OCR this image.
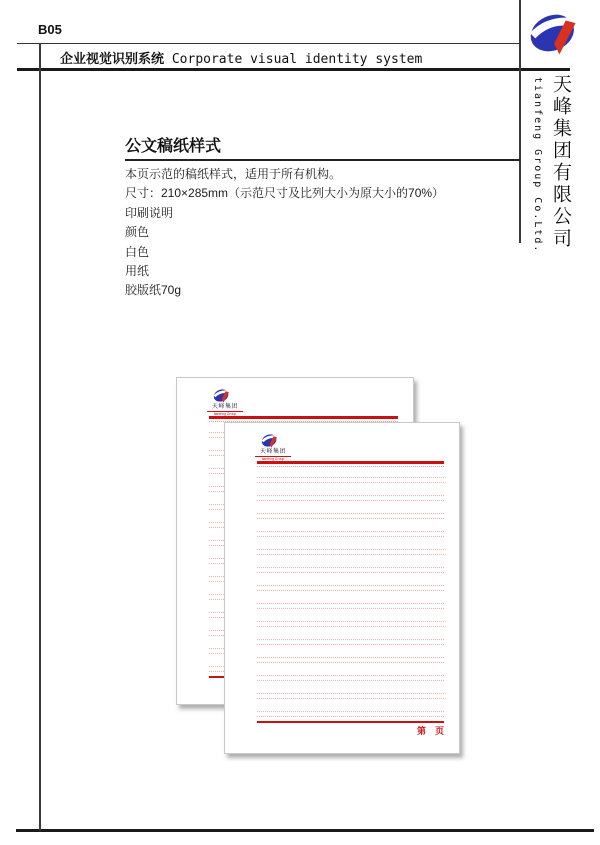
B05
企业视觉识别系统 Corporate visual identity system
天峰集团有限公司
tianfeng Group Co.Ltd.
公文稿纸样式
本页示范的稿纸样式，适用于所有机构。
尺寸：210×285mm（示范尺寸及比列大小为原大小的70%）
印刷说明
颜色
白色
用纸
胶版纸70g
天峰集团
tianfeng Group
天峰集团
tianfeng Group
第　页
